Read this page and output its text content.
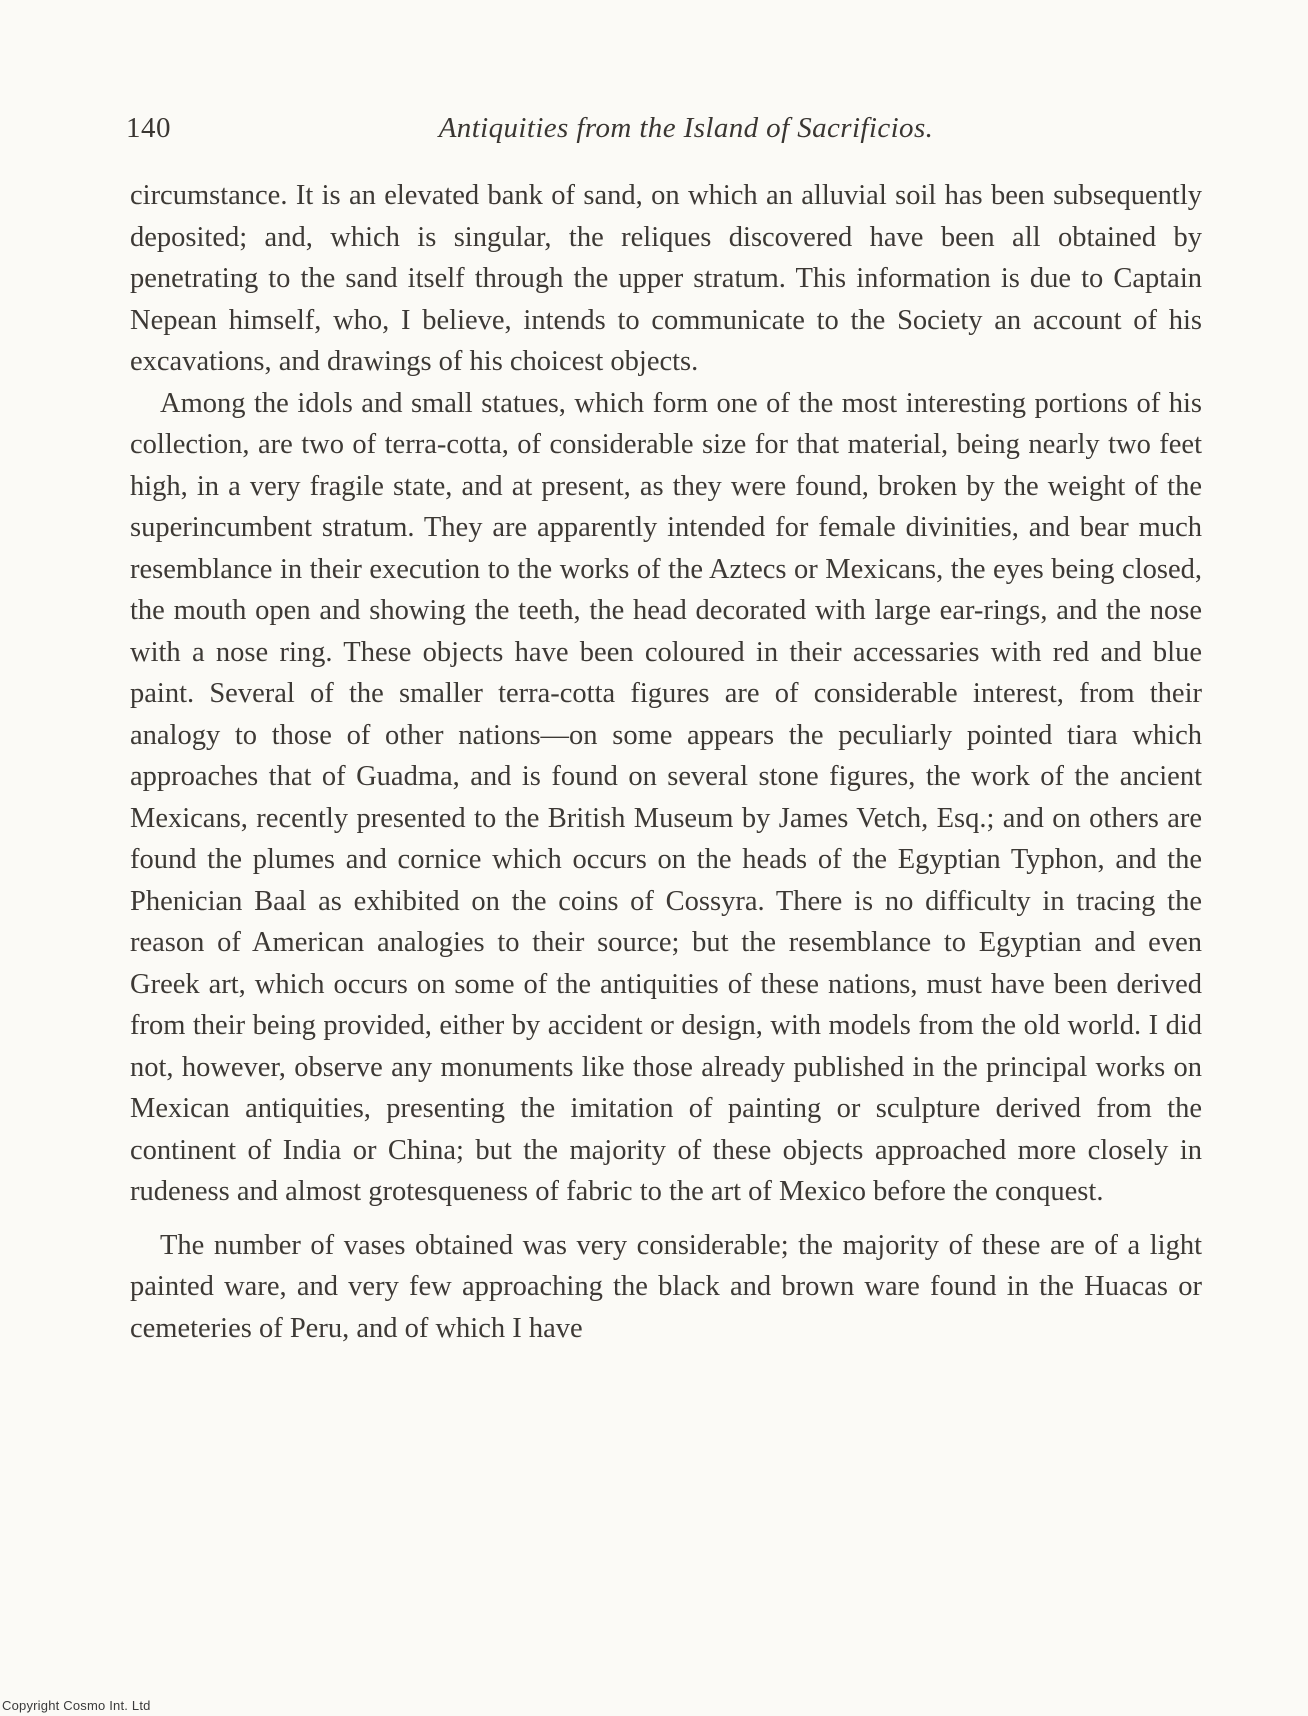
140	Antiquities from the Island of Sacrificios.

circumstance. It is an elevated bank of sand, on which an alluvial soil has been subsequently deposited; and, which is singular, the reliques discovered have been all obtained by penetrating to the sand itself through the upper stratum. This information is due to Captain Nepean himself, who, I believe, intends to communicate to the Society an account of his excavations, and drawings of his choicest objects.

Among the idols and small statues, which form one of the most interesting portions of his collection, are two of terra-cotta, of considerable size for that material, being nearly two feet high, in a very fragile state, and at present, as they were found, broken by the weight of the superincumbent stratum. They are apparently intended for female divinities, and bear much resemblance in their execution to the works of the Aztecs or Mexicans, the eyes being closed, the mouth open and showing the teeth, the head decorated with large ear-rings, and the nose with a nose ring. These objects have been coloured in their accessaries with red and blue paint. Several of the smaller terra-cotta figures are of considerable interest, from their analogy to those of other nations—on some appears the peculiarly pointed tiara which approaches that of Guadma, and is found on several stone figures, the work of the ancient Mexicans, recently presented to the British Museum by James Vetch, Esq.; and on others are found the plumes and cornice which occurs on the heads of the Egyptian Typhon, and the Phenician Baal as exhibited on the coins of Cossyra. There is no difficulty in tracing the reason of American analogies to their source; but the resemblance to Egyptian and even Greek art, which occurs on some of the antiquities of these nations, must have been derived from their being provided, either by accident or design, with models from the old world. I did not, however, observe any monuments like those already published in the principal works on Mexican antiquities, presenting the imitation of painting or sculpture derived from the continent of India or China; but the majority of these objects approached more closely in rudeness and almost grotesqueness of fabric to the art of Mexico before the conquest.

The number of vases obtained was very considerable; the majority of these are of a light painted ware, and very few approaching the black and brown ware found in the Huacas or cemeteries of Peru, and of which I have

Copyright Cosmo Int. Ltd
